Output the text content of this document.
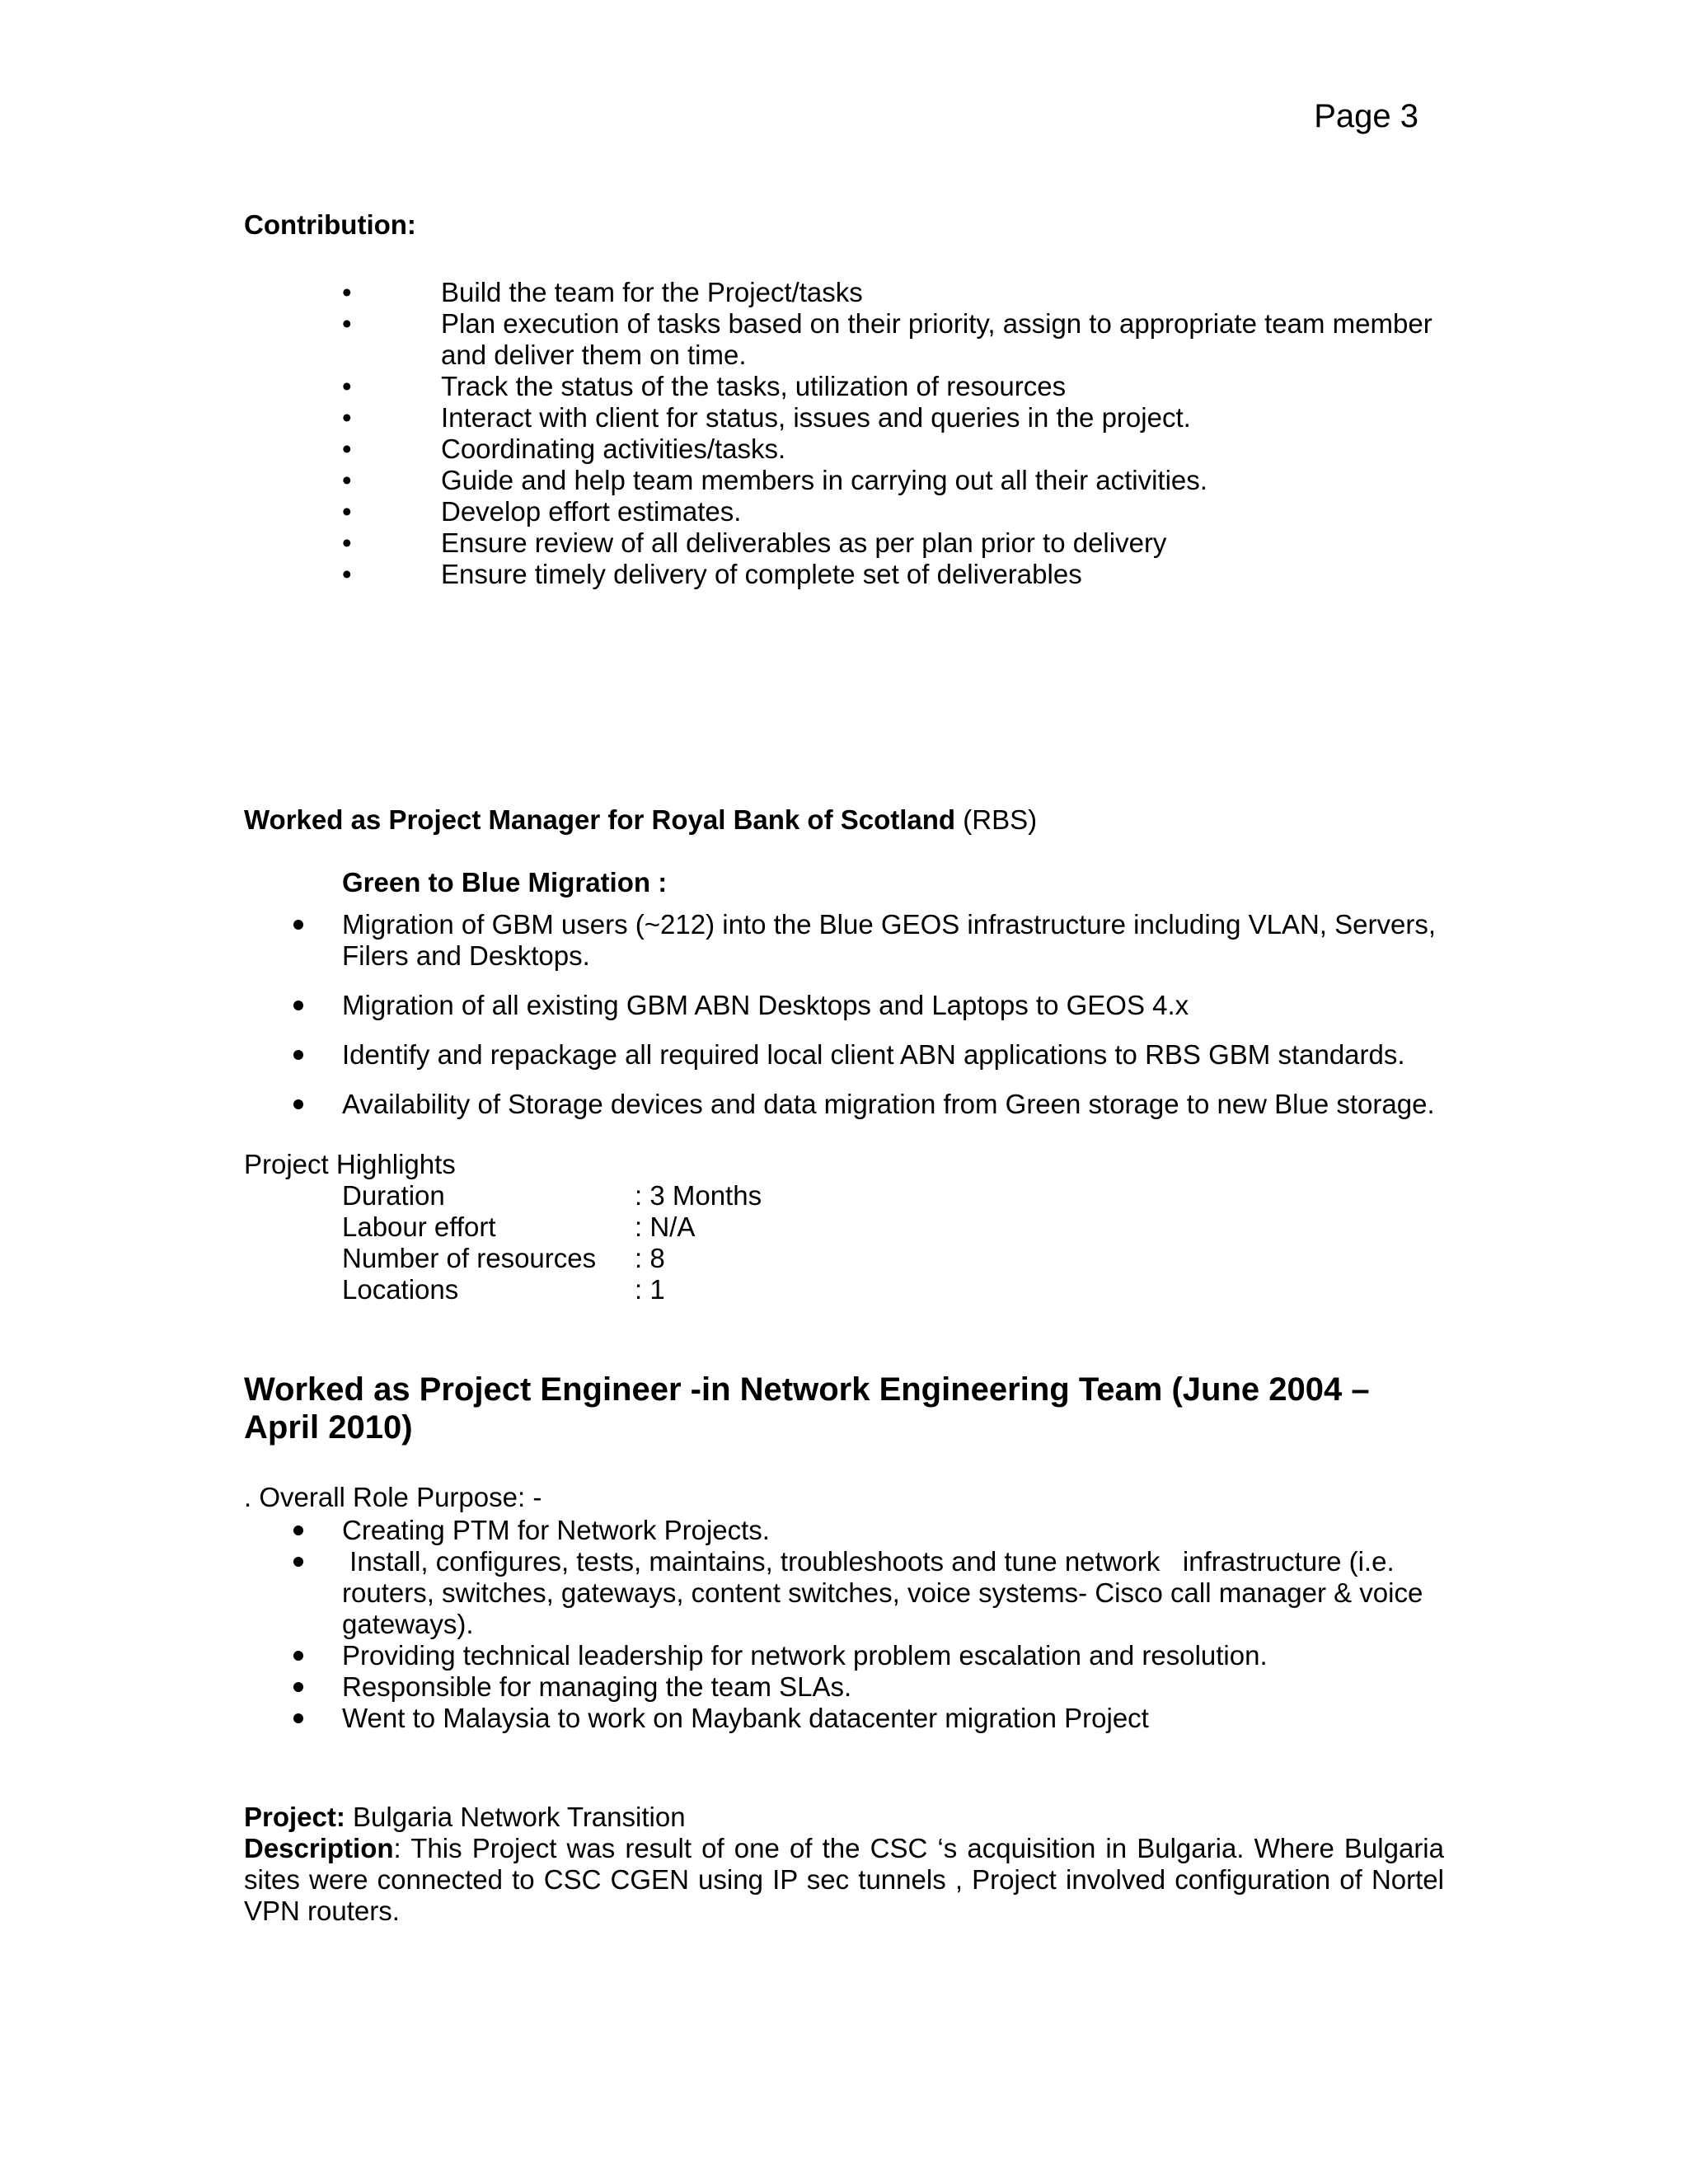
Page 3
Contribution:
•	Build the team for the Project/tasks
•	Plan execution of tasks based on their priority, assign to appropriate team member and deliver them on time.
•	Track the status of the tasks, utilization of resources
•	Interact with client for status, issues and queries in the project.
•	Coordinating activities/tasks.
•	Guide and help team members in carrying out all their activities.
•	Develop effort estimates.
•	Ensure review of all deliverables as per plan prior to delivery
•	Ensure timely delivery of complete set of deliverables
Worked as Project Manager for Royal Bank of Scotland (RBS)
Green to Blue Migration :
Migration of GBM users (~212) into the Blue GEOS infrastructure including VLAN, Servers, Filers and Desktops.
Migration of all existing GBM ABN Desktops and Laptops to GEOS 4.x
Identify and repackage all required local client ABN applications to RBS GBM standards.
Availability of Storage devices and data migration from Green storage to new Blue storage.
Project Highlights
Duration	: 3 Months
Labour effort	: N/A
Number of resources : 8
Locations	: 1
Worked as Project Engineer -in Network Engineering Team (June 2004 – April 2010)
. Overall Role Purpose: -
Creating PTM for Network Projects.
Install, configures, tests, maintains, troubleshoots and tune network   infrastructure (i.e. routers, switches, gateways, content switches, voice systems- Cisco call manager & voice gateways).
Providing technical leadership for network problem escalation and resolution.
Responsible for managing the team SLAs.
Went to Malaysia to work on Maybank datacenter migration Project
Project: Bulgaria Network Transition
Description: This Project was result of one of the CSC ‘s acquisition in Bulgaria. Where Bulgaria sites were connected to CSC CGEN using IP sec tunnels , Project involved configuration of Nortel VPN routers.
